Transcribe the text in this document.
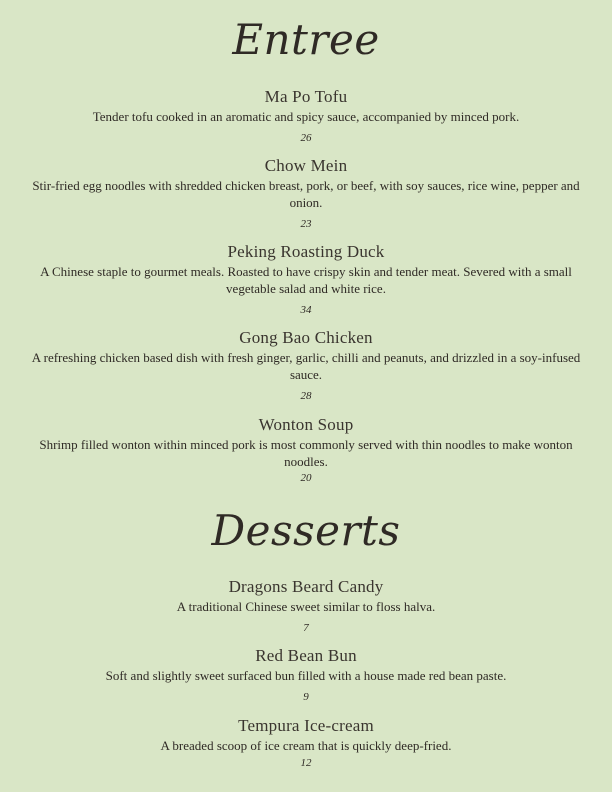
Entree
Ma Po Tofu
Tender tofu cooked in an aromatic and spicy sauce, accompanied by minced pork.
26
Chow Mein
Stir-fried egg noodles with shredded chicken breast, pork, or beef, with soy sauces, rice wine, pepper and onion.
23
Peking Roasting Duck
A Chinese staple to gourmet meals. Roasted to have crispy skin and tender meat. Severed with a small vegetable salad and white rice.
34
Gong Bao Chicken
A refreshing chicken based dish with fresh ginger, garlic, chilli and peanuts, and drizzled in a soy-infused sauce.
28
Wonton Soup
Shrimp filled wonton within minced pork is most commonly served with thin noodles to make wonton noodles.
20
Desserts
Dragons Beard Candy
A traditional Chinese sweet similar to floss halva.
7
Red Bean Bun
Soft and slightly sweet surfaced bun filled with a house made red bean paste.
9
Tempura Ice-cream
A breaded scoop of ice cream that is quickly deep-fried.
12
